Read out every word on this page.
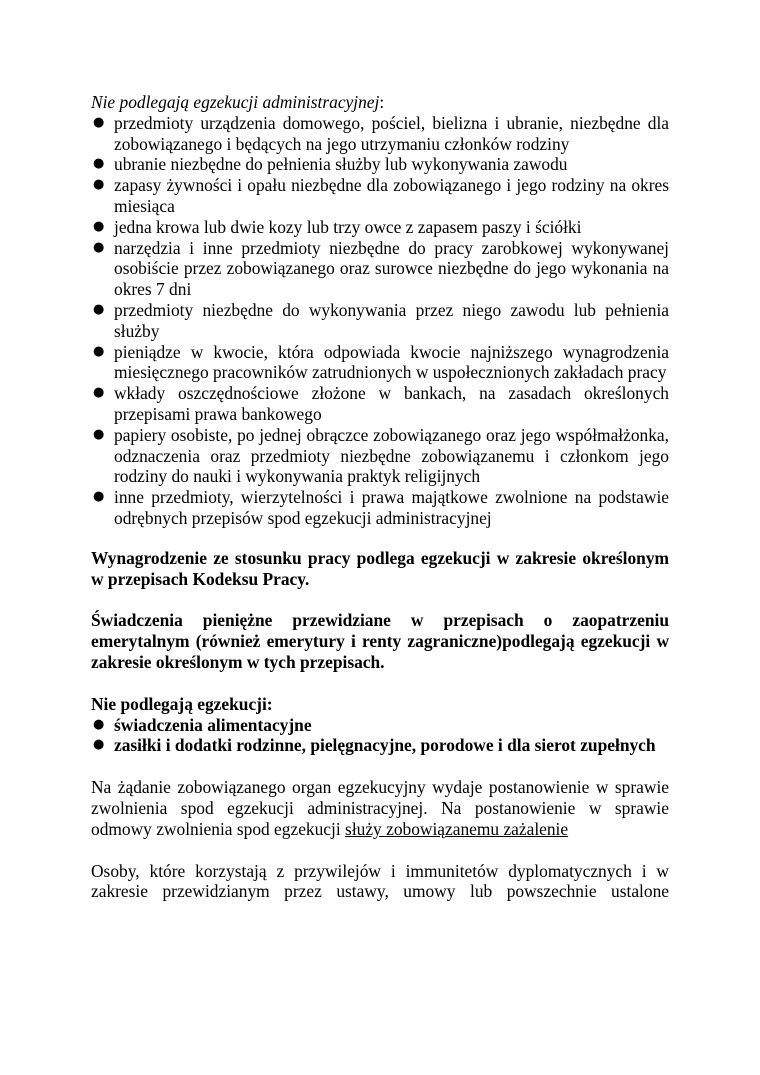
Nie podlegają egzekucji administracyjnej:

● przedmioty urządzenia domowego, pościel, bielizna i ubranie, niezbędne dla zobowiązanego i będących na jego utrzymaniu członków rodziny
● ubranie niezbędne do pełnienia służby lub wykonywania zawodu
● zapasy żywności i opału niezbędne dla zobowiązanego i jego rodziny na okres miesiąca
● jedna krowa lub dwie kozy lub trzy owce z zapasem paszy i ściółki
● narzędzia i inne przedmioty niezbędne do pracy zarobkowej wykonywanej osobiście przez zobowiązanego oraz surowce niezbędne do jego wykonania na okres 7 dni
● przedmioty niezbędne do wykonywania przez niego zawodu lub pełnienia służby
● pieniądze w kwocie, która odpowiada kwocie najniższego wynagrodzenia miesięcznego pracowników zatrudnionych w uspołecznionych zakładach pracy
● wkłady oszczędnościowe złożone w bankach, na zasadach określonych przepisami prawa bankowego
● papiery osobiste, po jednej obrączce zobowiązanego oraz jego współmałżonka, odznaczenia oraz przedmioty niezbędne zobowiązanemu i członkom jego rodziny do nauki i wykonywania praktyk religijnych
● inne przedmioty, wierzytelności i prawa majątkowe zwolnione na podstawie odrębnych przepisów spod egzekucji administracyjnej

Wynagrodzenie ze stosunku pracy podlega egzekucji w zakresie określonym w przepisach Kodeksu Pracy.

Świadczenia pieniężne przewidziane w przepisach o zaopatrzeniu emerytalnym (również emerytury i renty zagraniczne)podlegają egzekucji w zakresie określonym w tych przepisach.

Nie podlegają egzekucji:

● świadczenia alimentacyjne
● zasiłki i dodatki rodzinne, pielęgnacyjne, porodowe i dla sierot zupełnych

Na żądanie zobowiązanego organ egzekucyjny wydaje postanowienie w sprawie zwolnienia spod egzekucji administracyjnej. Na postanowienie w sprawie odmowy zwolnienia spod egzekucji służy zobowiązanemu zażalenie

Osoby, które korzystają z przywilejów i immunitetów dyplomatycznych i w zakresie przewidzianym przez ustawy, umowy lub powszechnie ustalone
